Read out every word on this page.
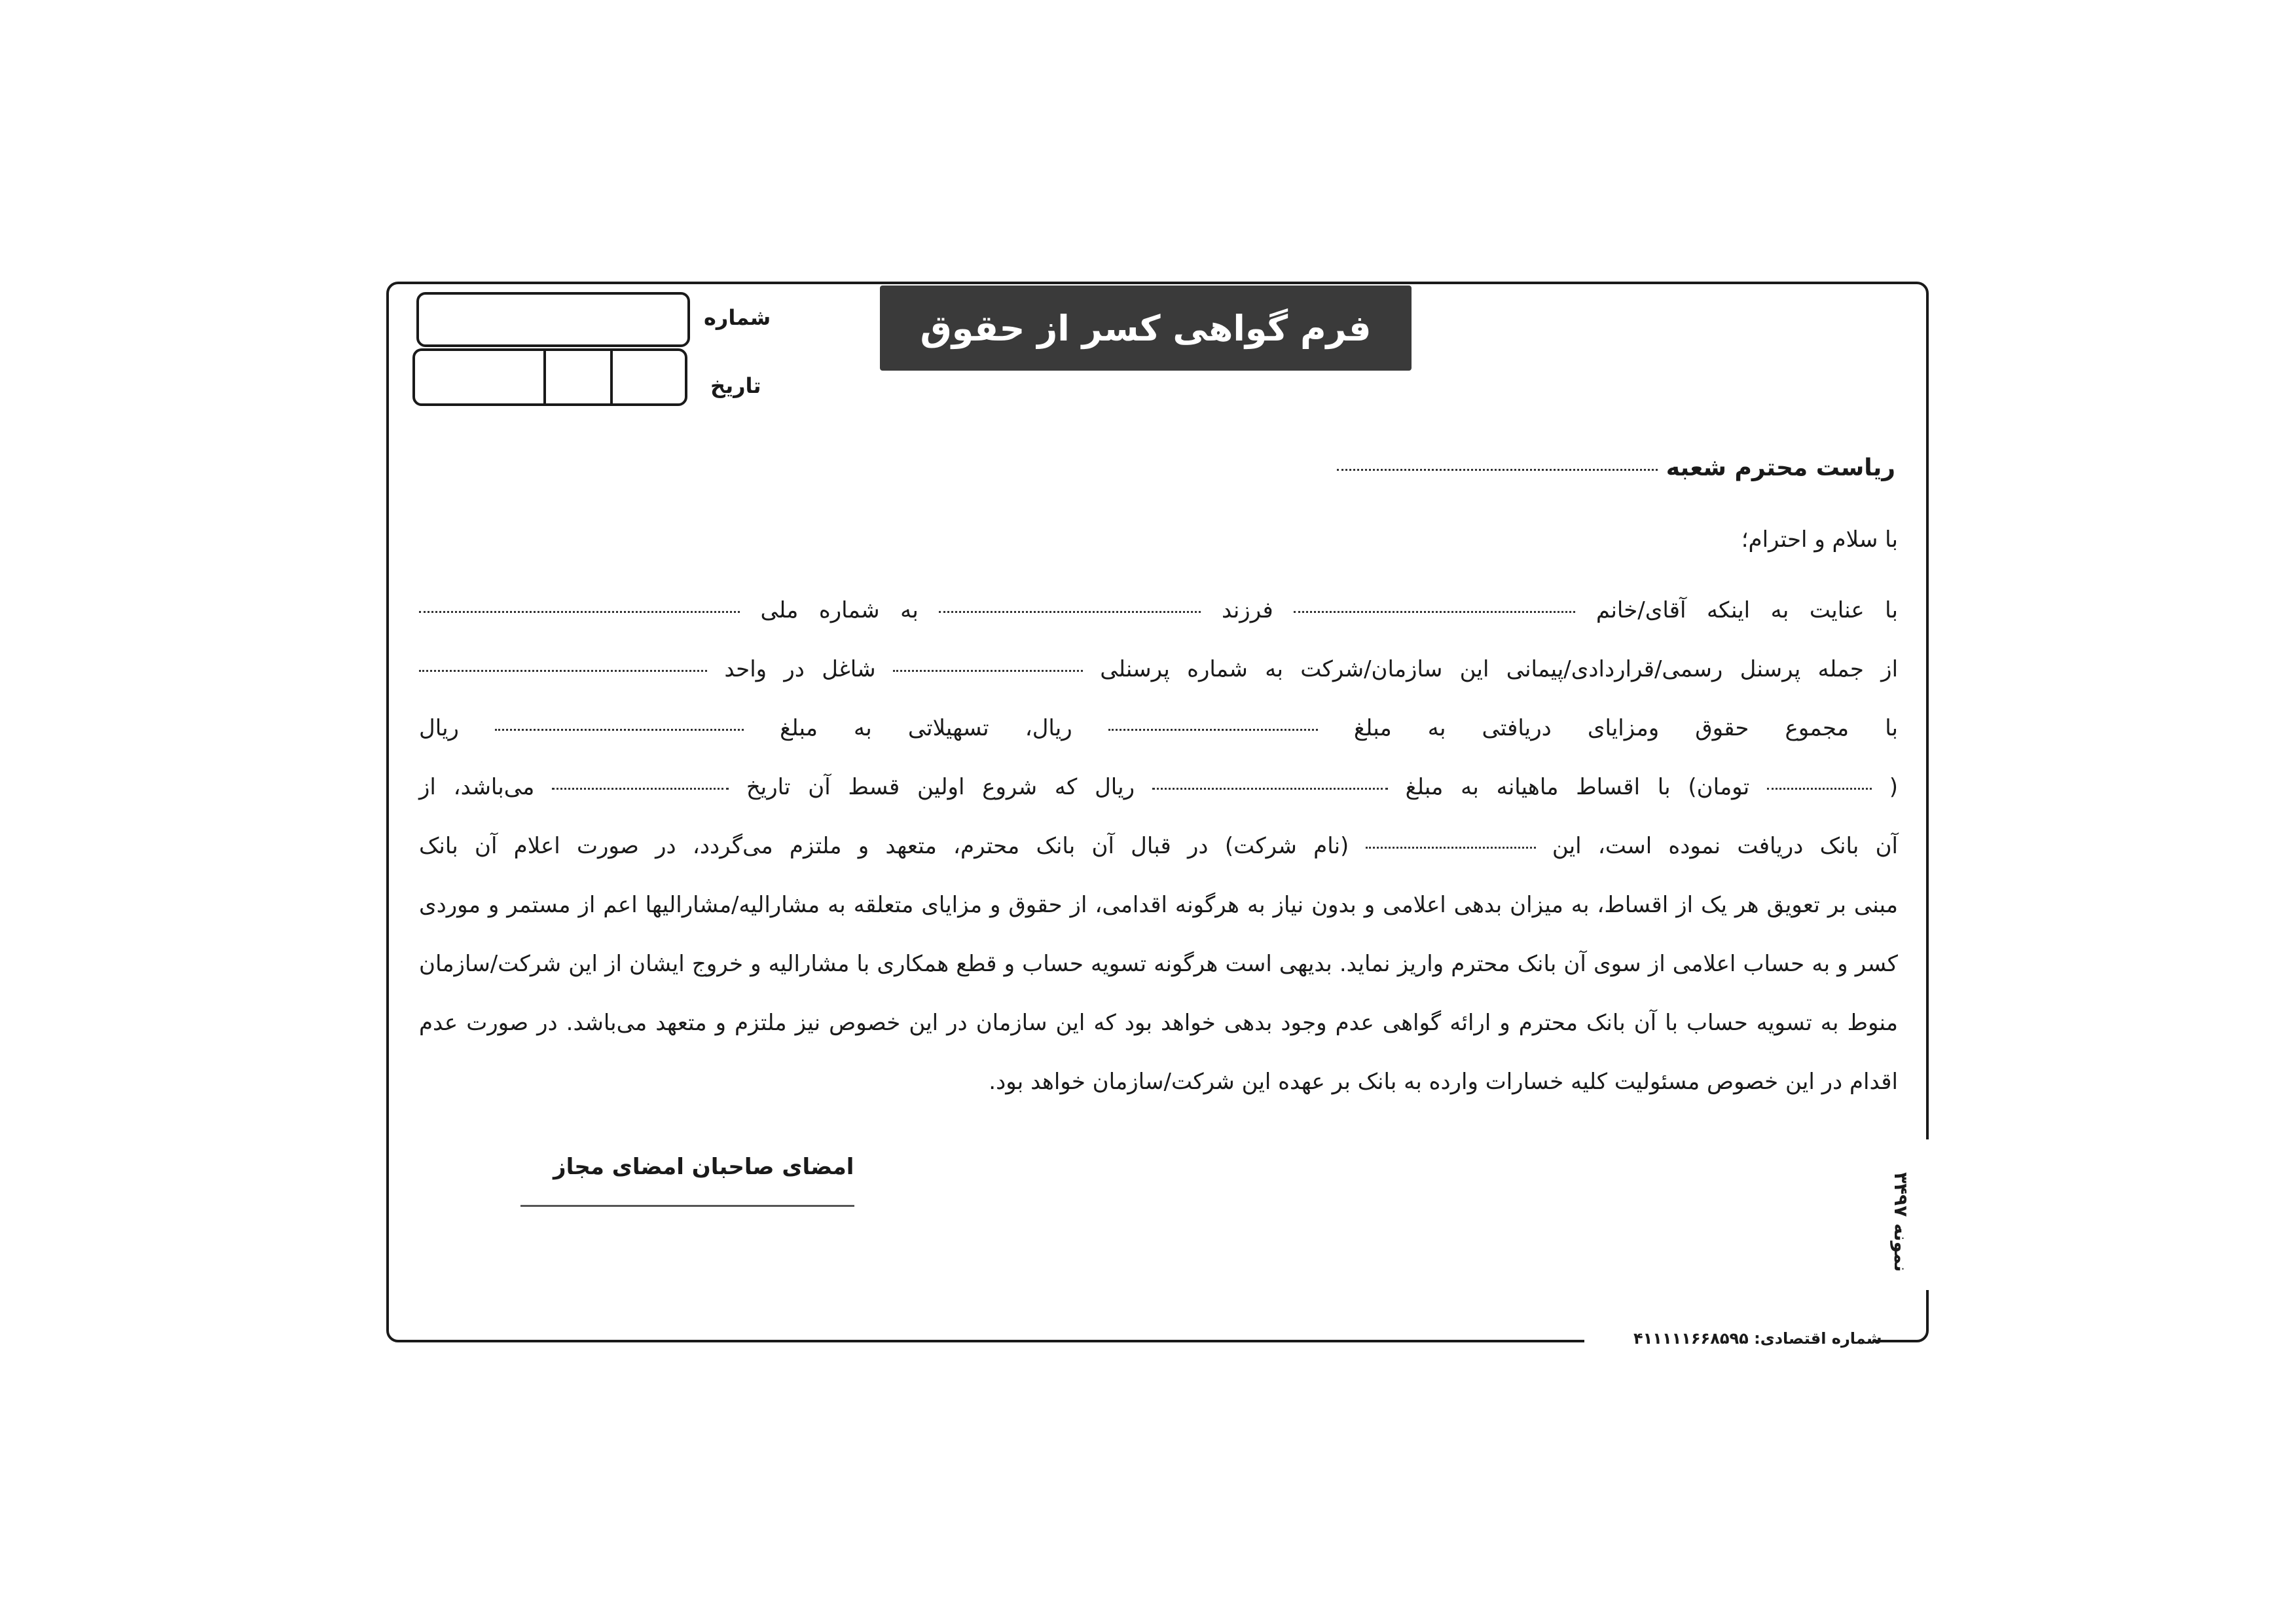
فرم گواهی کسر از حقوق
شماره
تاریخ
ریاست محترم شعبه
با سلام و احترام؛
با عنایت به اینکه آقای/خانم  فرزند  به شماره ملی
از جمله پرسنل رسمی/قراردادی/پیمانی این سازمان/شرکت به شماره پرسنلی  شاغل در واحد
با مجموع حقوق ومزایای دریافتی به مبلغ  ریال، تسهیلاتی به مبلغ  ریال
(  تومان) با اقساط ماهیانه به مبلغ  ریال که شروع اولین قسط آن تاریخ  می‌باشد، از
آن بانک دریافت نموده است، این  (نام شرکت) در قبال آن بانک محترم، متعهد و ملتزم می‌گردد، در صورت اعلام آن بانک
مبنی بر تعویق هر یک از اقساط، به میزان بدهی اعلامی و بدون نیاز به هرگونه اقدامی، از حقوق و مزایای متعلقه به مشارالیه/مشارالیها اعم از مستمر و موردی
کسر و به حساب اعلامی از سوی آن بانک محترم واریز نماید. بدیهی است هرگونه تسویه حساب و قطع همکاری با مشارالیه و خروج ایشان از این شرکت/سازمان
منوط به تسویه حساب با آن بانک محترم و ارائه گواهی عدم وجود بدهی خواهد بود که این سازمان در این خصوص نیز ملتزم و متعهد می‌باشد. در صورت عدم
اقدام در این خصوص مسئولیت کلیه خسارات وارده به بانک بر عهده این شرکت/سازمان خواهد بود.
امضای صاحبان امضای مجاز
شماره اقتصادی: ۴۱۱۱۱۱۶۶۸۵۹۵
نمونه ۳۴۹۷
